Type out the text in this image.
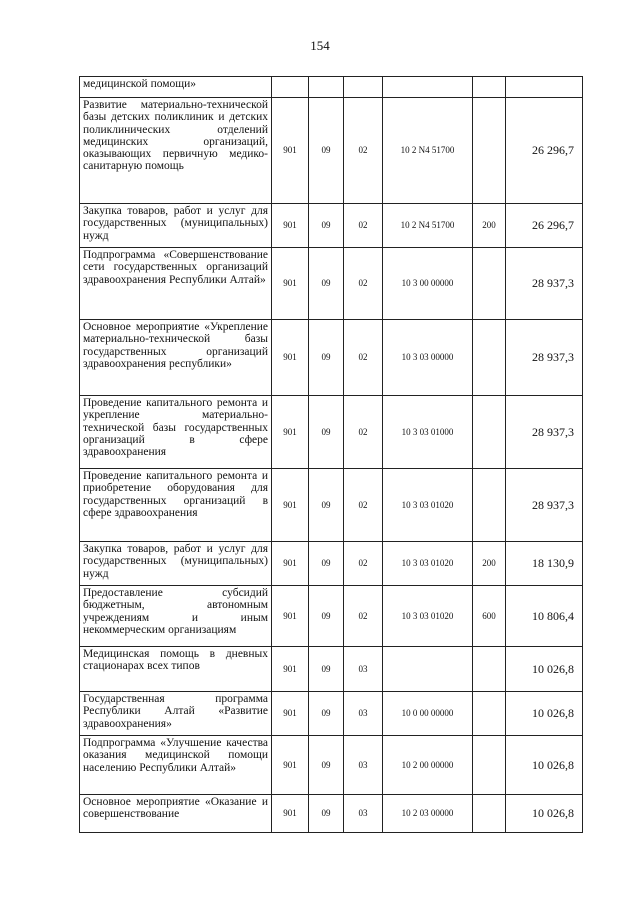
154
медицинской помощи»						
Развитие материально-технической базы детских поликлиник и детских поликлинических отделений медицинских организаций, оказывающих первичную медико-санитарную помощь	901	09	02	10 2 N4 51700		26 296,7
Закупка товаров, работ и услуг для государственных (муниципальных) нужд	901	09	02	10 2 N4 51700	200	26 296,7
Подпрограмма «Совершенствование сети государственных организаций здравоохранения Республики Алтай»	901	09	02	10 3 00 00000		28 937,3
Основное мероприятие «Укрепление материально-технической базы государственных организаций здравоохранения республики»	901	09	02	10 3 03 00000		28 937,3
Проведение капитального ремонта и укрепление материально-технической базы государственных организаций в сфере здравоохранения	901	09	02	10 3 03 01000		28 937,3
Проведение капитального ремонта и приобретение оборудования для государственных организаций в сфере здравоохранения	901	09	02	10 3 03 01020		28 937,3
Закупка товаров, работ и услуг для государственных (муниципальных) нужд	901	09	02	10 3 03 01020	200	18 130,9
Предоставление субсидий бюджетным, автономным учреждениям и иным некоммерческим организациям	901	09	02	10 3 03 01020	600	10 806,4
Медицинская помощь в дневных стационарах всех типов	901	09	03			10 026,8
Государственная программа Республики Алтай «Развитие здравоохранения»	901	09	03	10 0 00 00000		10 026,8
Подпрограмма «Улучшение качества оказания медицинской помощи населению Республики Алтай»	901	09	03	10 2 00 00000		10 026,8
Основное мероприятие «Оказание и совершенствование	901	09	03	10 2 03 00000		10 026,8
